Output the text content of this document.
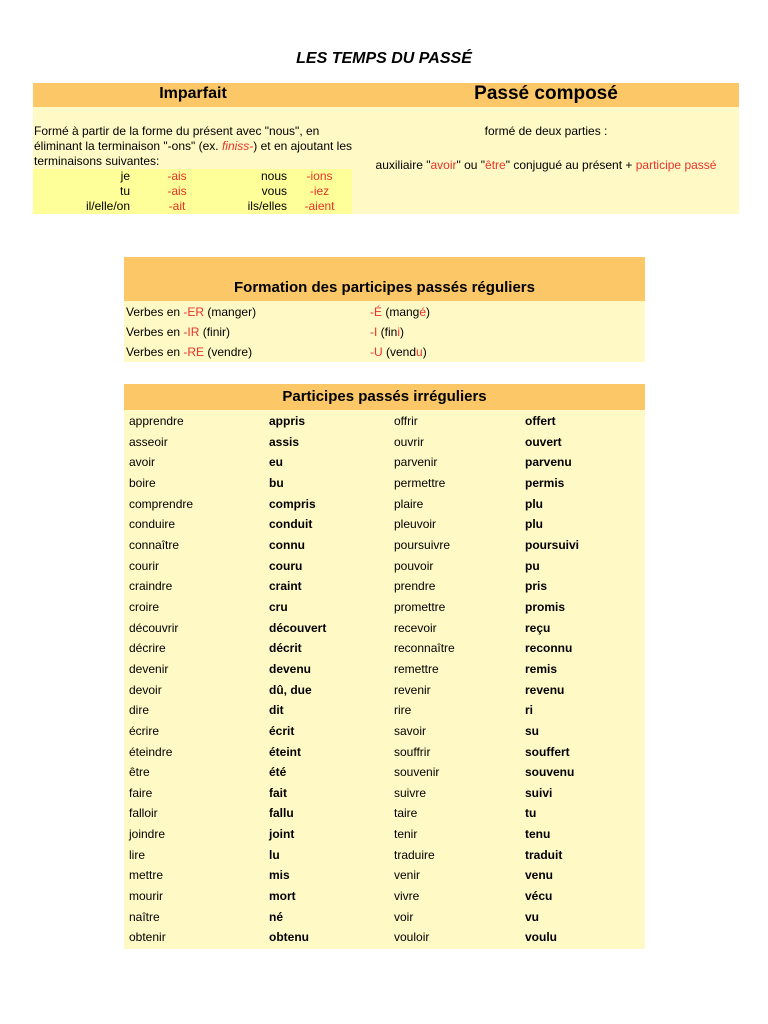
LES TEMPS DU PASSÉ
Imparfait	Passé composé
Formé à partir de la forme du présent avec "nous", en éliminant la terminaison "-ons" (ex. finiss-) et en ajoutant les terminaisons suivantes:
je	-ais	nous	-ions
tu	-ais	vous	-iez
il/elle/on	-ait	ils/elles	-aient
formé de deux parties :
auxiliaire "avoir" ou "être" conjugué au présent + participe passé
Formation des participes passés réguliers
Verbes en -ER (manger)	-É (mangé)
Verbes en -IR (finir)	-I (fini)
Verbes en -RE (vendre)	-U (vendu)
Participes passés irréguliers
apprendre	appris	offrir	offert
asseoir	assis	ouvrir	ouvert
avoir	eu	parvenir	parvenu
boire	bu	permettre	permis
comprendre	compris	plaire	plu
conduire	conduit	pleuvoir	plu
connaître	connu	poursuivre	poursuivi
courir	couru	pouvoir	pu
craindre	craint	prendre	pris
croire	cru	promettre	promis
découvrir	découvert	recevoir	reçu
décrire	décrit	reconnaître	reconnu
devenir	devenu	remettre	remis
devoir	dû, due	revenir	revenu
dire	dit	rire	ri
écrire	écrit	savoir	su
éteindre	éteint	souffrir	souffert
être	été	souvenir	souvenu
faire	fait	suivre	suivi
falloir	fallu	taire	tu
joindre	joint	tenir	tenu
lire	lu	traduire	traduit
mettre	mis	venir	venu
mourir	mort	vivre	vécu
naître	né	voir	vu
obtenir	obtenu	vouloir	voulu
